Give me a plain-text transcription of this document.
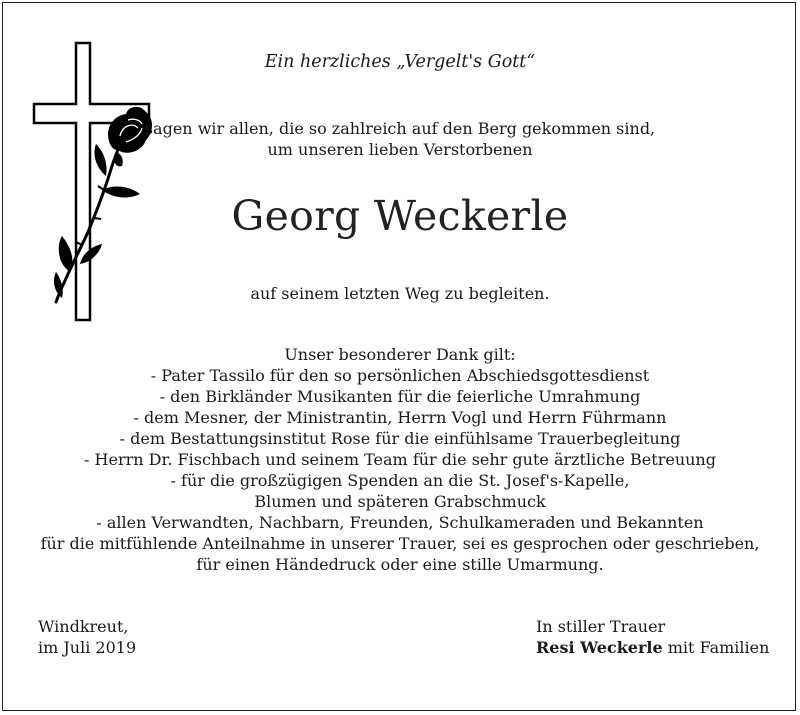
Ein herzliches „Vergelt's Gott“
sagen wir allen, die so zahlreich auf den Berg gekommen sind,
um unseren lieben Verstorbenen
Georg Weckerle
auf seinem letzten Weg zu begleiten.
Unser besonderer Dank gilt:
- Pater Tassilo für den so persönlichen Abschiedsgottesdienst
- den Birkländer Musikanten für die feierliche Umrahmung
- dem Mesner, der Ministrantin, Herrn Vogl und Herrn Führmann
- dem Bestattungsinstitut Rose für die einfühlsame Trauerbegleitung
- Herrn Dr. Fischbach und seinem Team für die sehr gute ärztliche Betreuung
- für die großzügigen Spenden an die St. Josef's-Kapelle,
Blumen und späteren Grabschmuck
- allen Verwandten, Nachbarn, Freunden, Schulkameraden und Bekannten
für die mitfühlende Anteilnahme in unserer Trauer, sei es gesprochen oder geschrieben,
für einen Händedruck oder eine stille Umarmung.
Windkreut,
im Juli 2019
In stiller Trauer
Resi Weckerle mit Familien
